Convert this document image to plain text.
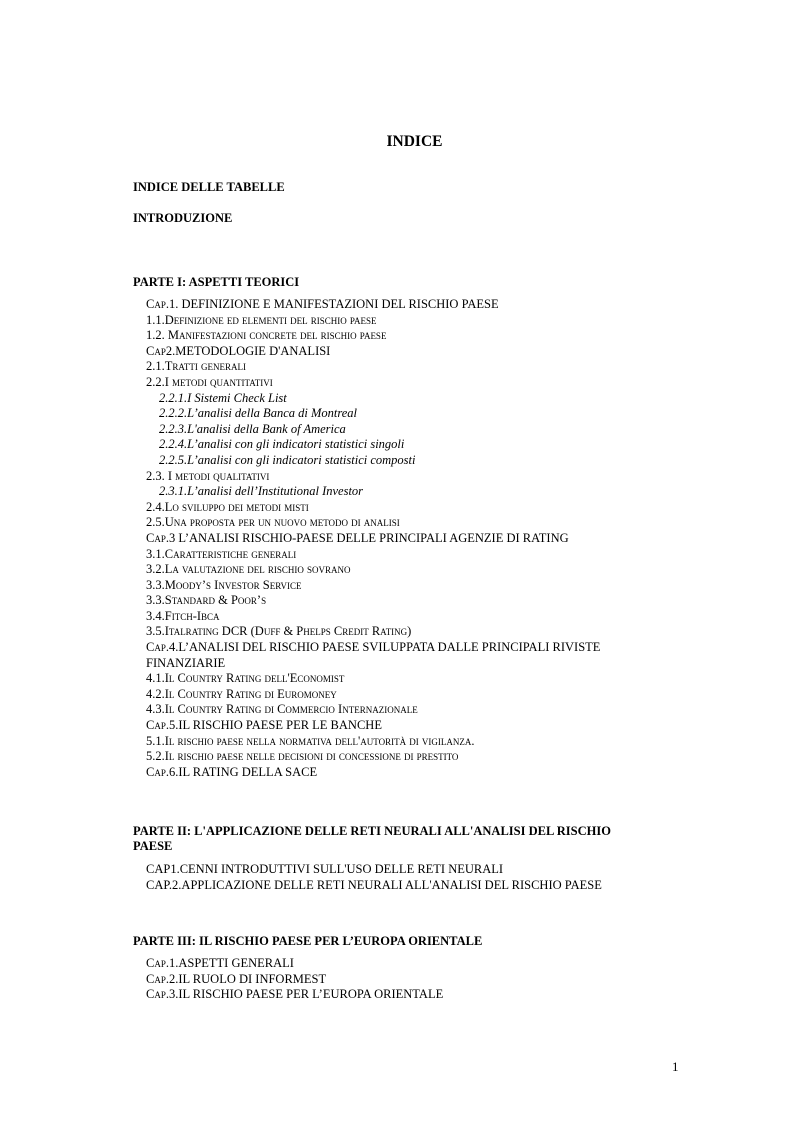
INDICE
INDICE DELLE TABELLE
INTRODUZIONE
PARTE I: ASPETTI TEORICI
Cap.1. DEFINIZIONE E MANIFESTAZIONI DEL RISCHIO PAESE
1.1.Definizione ed elementi del rischio paese
1.2. Manifestazioni concrete del rischio paese
Cap2.METODOLOGIE D'ANALISI
2.1.Tratti generali
2.2.I metodi quantitativi
2.2.1.I Sistemi Check List
2.2.2.L’analisi della Banca di Montreal
2.2.3.L'analisi della Bank of America
2.2.4.L’analisi con gli indicatori statistici singoli
2.2.5.L’analisi con gli indicatori statistici composti
2.3. I metodi qualitativi
2.3.1.L’analisi dell’Institutional Investor
2.4.Lo sviluppo dei metodi misti
2.5.Una proposta per un nuovo metodo di analisi
Cap.3 L’ANALISI RISCHIO-PAESE DELLE PRINCIPALI AGENZIE DI RATING
3.1.Caratteristiche generali
3.2.La valutazione del rischio sovrano
3.3.Moody’s Investor Service
3.3.Standard & Poor’s
3.4.Fitch-Ibca
3.5.Italrating DCR (Duff & Phelps Credit Rating)
Cap.4.L’ANALISI DEL RISCHIO PAESE SVILUPPATA DALLE PRINCIPALI RIVISTE FINANZIARIE
4.1.Il Country Rating dell'Economist
4.2.Il Country Rating di Euromoney
4.3.Il Country Rating di Commercio Internazionale
Cap.5.IL RISCHIO PAESE PER LE BANCHE
5.1.Il rischio paese nella normativa dell'autorità di vigilanza.
5.2.Il rischio paese nelle decisioni di concessione di prestito
Cap.6.IL RATING DELLA SACE
PARTE II: L'APPLICAZIONE DELLE RETI NEURALI ALL'ANALISI DEL RISCHIO PAESE
CAP1.CENNI INTRODUTTIVI SULL'USO DELLE RETI NEURALI
CAP.2.APPLICAZIONE DELLE RETI NEURALI ALL'ANALISI DEL RISCHIO PAESE
PARTE III: IL RISCHIO PAESE PER L’EUROPA ORIENTALE
Cap.1.ASPETTI GENERALI
Cap.2.IL RUOLO DI INFORMEST
Cap.3.IL RISCHIO PAESE PER L’EUROPA ORIENTALE
1
